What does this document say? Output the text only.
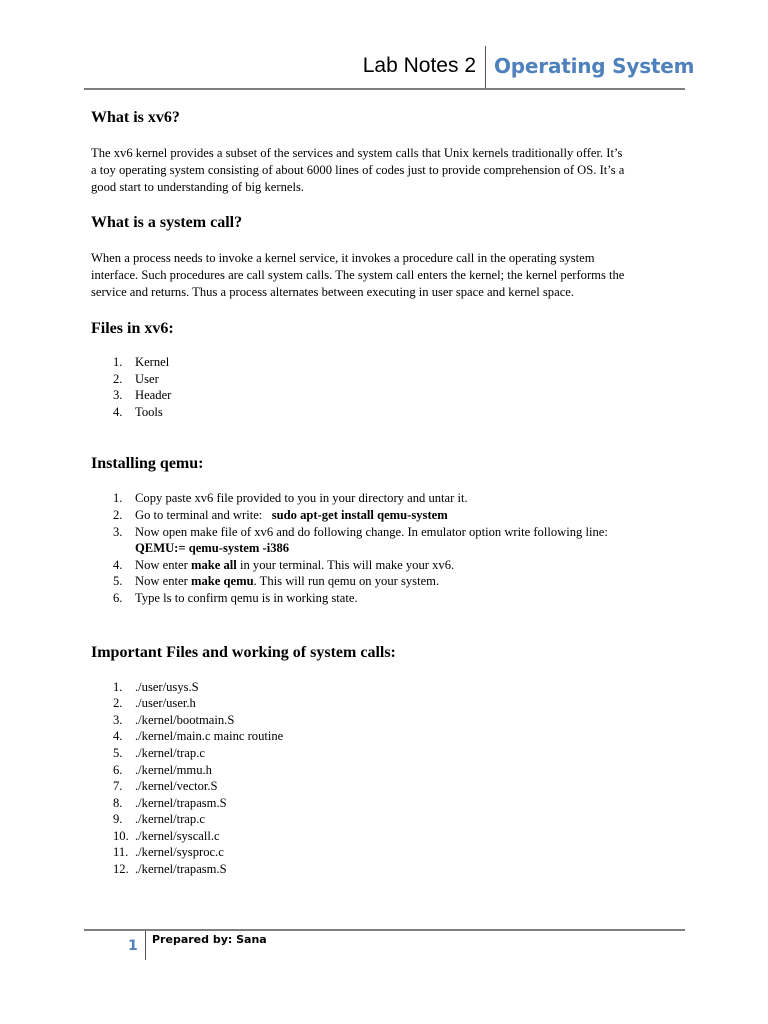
Lab Notes 2 Operating System
What is xv6?

The xv6 kernel provides a subset of the services and system calls that Unix kernels traditionally offer. It’s
a toy operating system consisting of about 6000 lines of codes just to provide comprehension of OS. It’s a
good start to understanding of big kernels.

What is a system call?

When a process needs to invoke a kernel service, it invokes a procedure call in the operating system
interface. Such procedures are call system calls. The system call enters the kernel; the kernel performs the
service and returns. Thus a process alternates between executing in user space and kernel space.

Files in xv6:
1. Kernel
2. User
3. Header
4. Tools
Installing qemu:
1. Copy paste xv6 file provided to you in your directory and untar it.
2. Go to terminal and write: sudo apt-get install qemu-system
3. Now open make file of xv6 and do following change. In emulator option write following line:
QEMU:= qemu-system -i386
4. Now enter make all in your terminal. This will make your xv6.
5. Now enter make qemu. This will run qemu on your system.
6. Type ls to confirm qemu is in working state.
Important Files and working of system calls:
1. ./user/usys.S
2. ./user/user.h
3. ./kernel/bootmain.S
4. ./kernel/main.c mainc routine
5. ./kernel/trap.c
6. ./kernel/mmu.h
7. ./kernel/vector.S
8. ./kernel/trapasm.S
9. ./kernel/trap.c
10. ./kernel/syscall.c
11. ./kernel/sysproc.c
12. ./kernel/trapasm.S
1 Prepared by: Sana
